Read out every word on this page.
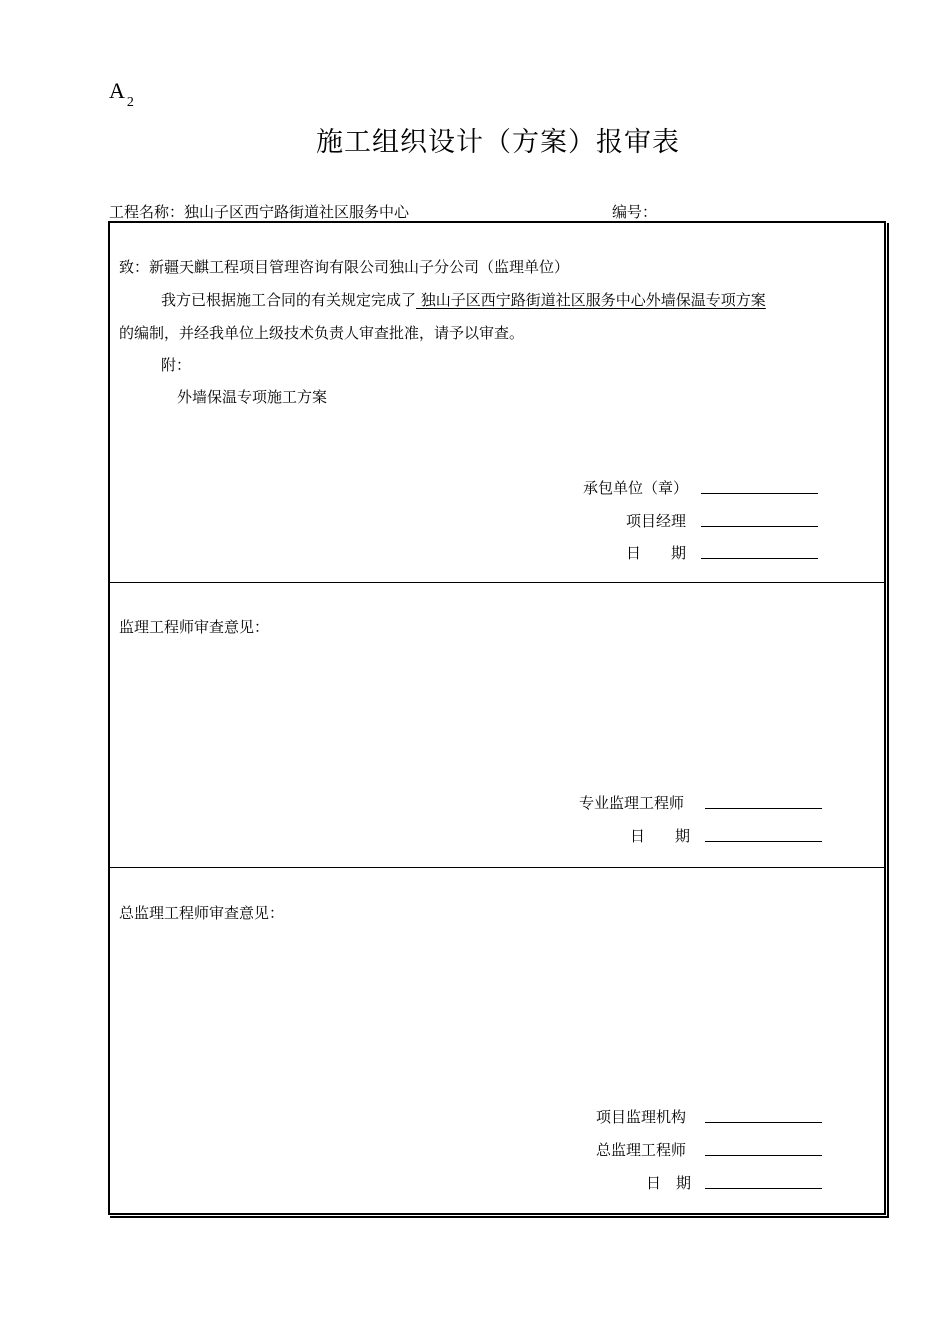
A $_2$
施工组织设计（方案）报审表
工程名称：独山子区西宁路街道社区服务中心	编号：
致：新疆天麒工程项目管理咨询有限公司独山子分公司（监理单位）
我方已根据施工合同的有关规定完成了 独山子区西宁路街道社区服务中心外墙保温专项方案
的编制，并经我单位上级技术负责人审查批准，请予以审查。
附：
外墙保温专项施工方案
承包单位（章）
项目经理
日　　期
监理工程师审查意见：
专业监理工程师
日　　期
总监理工程师审查意见：
项目监理机构
总监理工程师
日　期
